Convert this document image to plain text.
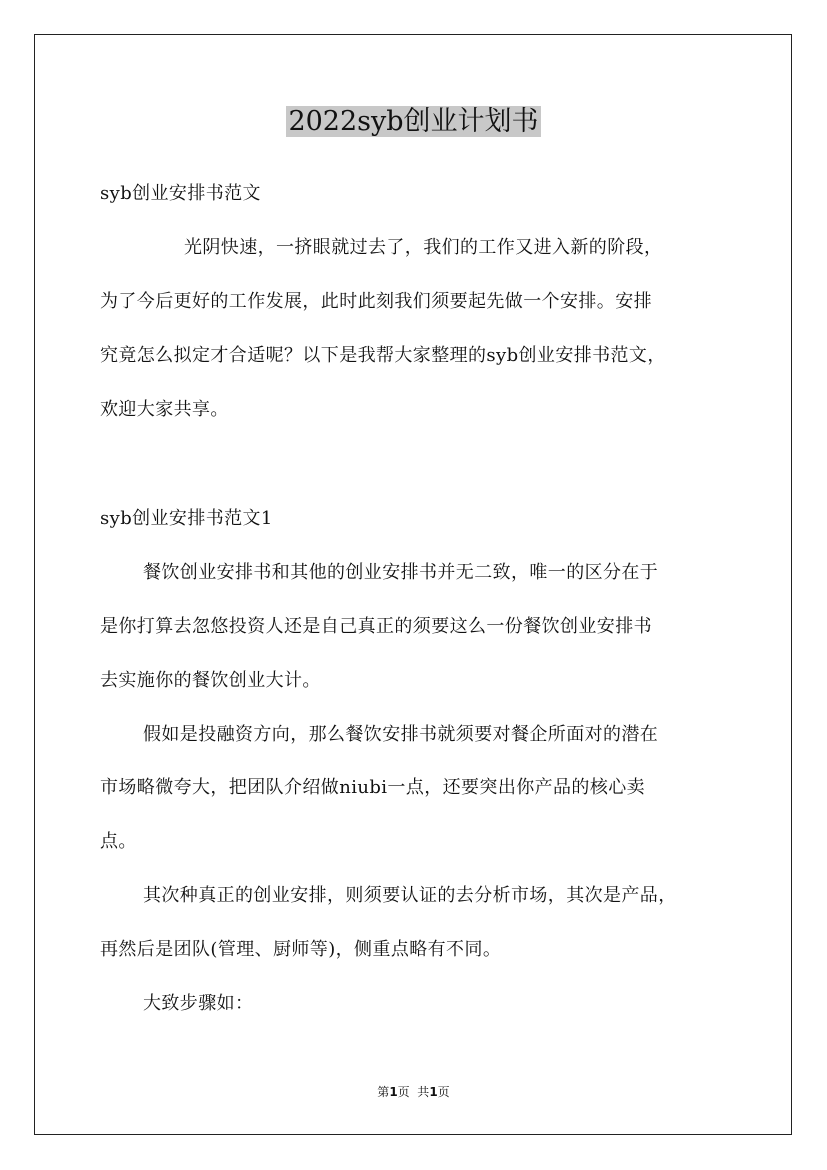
2022syb创业计划书
syb创业安排书范文
光阴快速，一挤眼就过去了，我们的工作又进入新的阶段，
为了今后更好的工作发展，此时此刻我们须要起先做一个安排。安排
究竟怎么拟定才合适呢？以下是我帮大家整理的syb创业安排书范文，
欢迎大家共享。
syb创业安排书范文1
餐饮创业安排书和其他的创业安排书并无二致，唯一的区分在于
是你打算去忽悠投资人还是自己真正的须要这么一份餐饮创业安排书
去实施你的餐饮创业大计。
假如是投融资方向，那么餐饮安排书就须要对餐企所面对的潜在
市场略微夸大，把团队介绍做niubi一点，还要突出你产品的核心卖
点。
其次种真正的创业安排，则须要认证的去分析市场，其次是产品，
再然后是团队(管理、厨师等)，侧重点略有不同。
大致步骤如：
第1页  共1页
